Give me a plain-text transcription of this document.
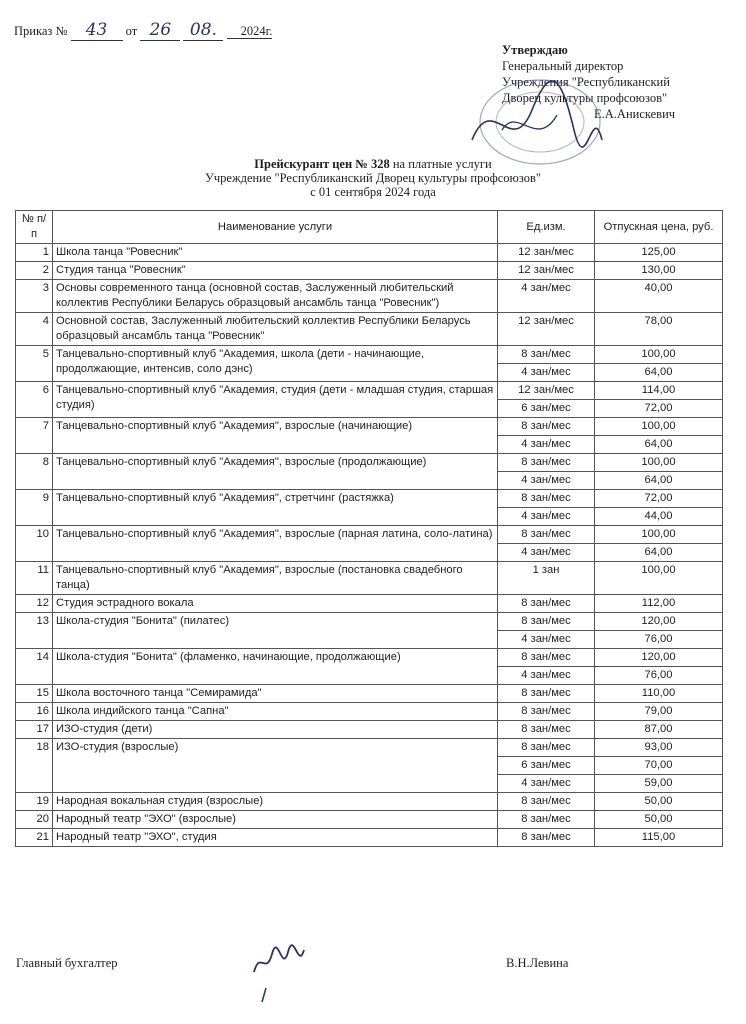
Приказ № 43 от 26 08. 2024г.
Утверждаю
Генеральный директор
Учреждения "Республиканский
Дворец культуры профсоюзов"
Е.А.Анискевич
Прейскурант цен № 328 на платные услуги
Учреждение "Республиканский Дворец культуры профсоюзов"
с 01 сентября 2024 года
№ п/п	Наименование услуги	Ед.изм.	Отпускная цена, руб.
1	Школа танца "Ровесник"	12 зан/мес	125,00
2	Студия танца "Ровесник"	12 зан/мес	130,00
3	Основы современного танца (основной состав, Заслуженный любительский коллектив Республики Беларусь образцовый ансамбль танца "Ровесник")	4 зан/мес	40,00
4	Основной состав, Заслуженный любительский коллектив Республики Беларусь образцовый ансамбль танца "Ровесник"	12 зан/мес	78,00
5	Танцевально-спортивный клуб "Академия, школа (дети - начинающие, продолжающие, интенсив, соло дэнс)	8 зан/мес	100,00
		4 зан/мес	64,00
6	Танцевально-спортивный клуб "Академия, студия (дети - младшая студия, старшая студия)	12 зан/мес	114,00
		6 зан/мес	72,00
7	Танцевально-спортивный клуб "Академия", взрослые (начинающие)	8 зан/мес	100,00
		4 зан/мес	64,00
8	Танцевально-спортивный клуб "Академия", взрослые (продолжающие)	8 зан/мес	100,00
		4 зан/мес	64,00
9	Танцевально-спортивный клуб "Академия", стретчинг (растяжка)	8 зан/мес	72,00
		4 зан/мес	44,00
10	Танцевально-спортивный клуб "Академия", взрослые (парная латина, соло-латина)	8 зан/мес	100,00
		4 зан/мес	64,00
11	Танцевально-спортивный клуб "Академия", взрослые (постановка свадебного танца)	1 зан	100,00
12	Студия эстрадного вокала	8 зан/мес	112,00
13	Школа-студия "Бонита" (пилатес)	8 зан/мес	120,00
		4 зан/мес	76,00
14	Школа-студия "Бонита" (фламенко, начинающие, продолжающие)	8 зан/мес	120,00
		4 зан/мес	76,00
15	Школа восточного танца "Семирамида"	8 зан/мес	110,00
16	Школа индийского танца "Сапна"	8 зан/мес	79,00
17	ИЗО-студия (дети)	8 зан/мес	87,00
18	ИЗО-студия (взрослые)	8 зан/мес	93,00
		6 зан/мес	70,00
		4 зан/мес	59,00
19	Народная вокальная студия (взрослые)	8 зан/мес	50,00
20	Народный театр "ЭХО" (взрослые)	8 зан/мес	50,00
21	Народный театр "ЭХО", студия	8 зан/мес	115,00
Главный бухгалтер	В.Н.Левина
